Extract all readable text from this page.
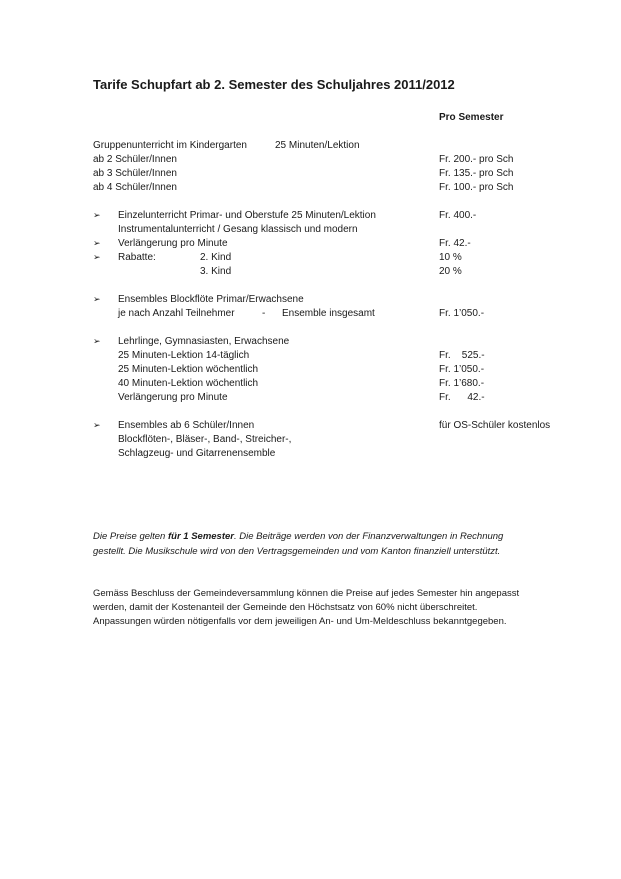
Tarife Schupfart ab 2. Semester des Schuljahres 2011/2012
Pro Semester
Gruppenunterricht im Kindergarten	25 Minuten/Lektion
ab 2 Schüler/Innen	Fr. 200.- pro Sch
ab 3 Schüler/Innen	Fr. 135.- pro Sch
ab 4 Schüler/Innen	Fr. 100.- pro Sch
➢ Einzelunterricht Primar- und Oberstufe 25 Minuten/Lektion	Fr. 400.-
Instrumentalunterricht / Gesang klassisch und modern
➢ Verlängerung pro Minute	Fr. 42.-
➢ Rabatte:	2. Kind	10 %
3. Kind	20 %
➢ Ensembles Blockflöte Primar/Erwachsene
je nach Anzahl Teilnehmer	- Ensemble insgesamt	Fr. 1’050.-
➢ Lehrlinge, Gymnasiasten, Erwachsene
25 Minuten-Lektion 14-täglich	Fr.    525.-
25 Minuten-Lektion wöchentlich	Fr. 1’050.-
40 Minuten-Lektion wöchentlich	Fr. 1’680.-
Verlängerung pro Minute	Fr.      42.-
➢ Ensembles ab 6 Schüler/Innen	für OS-Schüler kostenlos
Blockflöten-, Bläser-, Band-, Streicher-,
Schlagzeug- und Gitarrenensemble
Die Preise gelten für 1 Semester. Die Beiträge werden von der Finanzverwaltungen in Rechnung
gestellt. Die Musikschule wird von den Vertragsgemeinden und vom Kanton finanziell unterstützt.
Gemäss Beschluss der Gemeindeversammlung können die Preise auf jedes Semester hin angepasst
werden, damit der Kostenanteil der Gemeinde den Höchstsatz von 60% nicht überschreitet.
Anpassungen würden nötigenfalls vor dem jeweiligen An- und Um-Meldeschluss bekanntgegeben.
